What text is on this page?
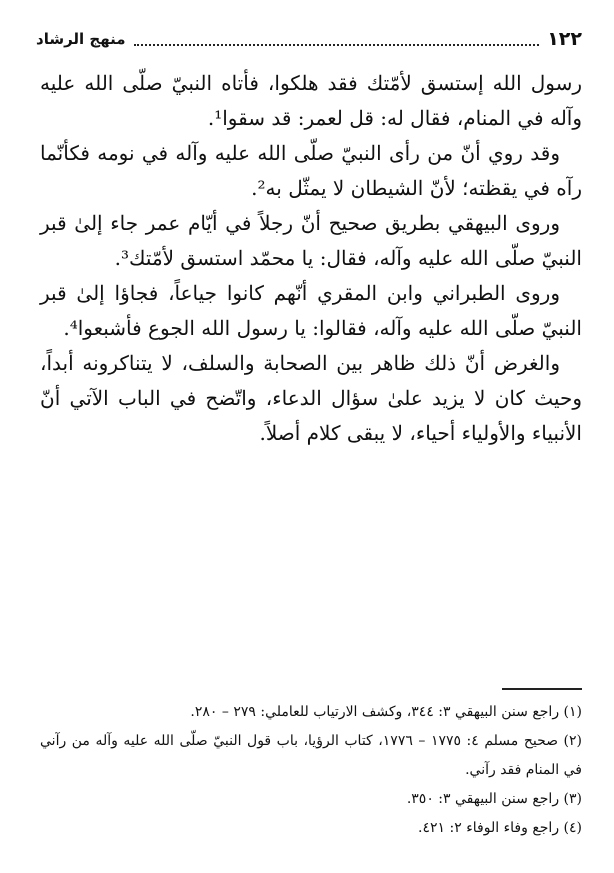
١٢٢
منهج الرشاد

رسول الله إستسق لأمّتك فقد هلكوا، فأتاه النبيّ صلّى الله عليه وآله في المنام، فقال له: قل لعمر: قد سقوا¹.

وقد روي أنّ من رأى النبيّ صلّى الله عليه وآله في نومه فكأنّما رآه في يقظته؛ لأنّ الشيطان لا يمثّل به².

وروى البيهقي بطريق صحيح أنّ رجلاً في أيّام عمر جاء إلىٰ قبر النبيّ صلّى الله عليه وآله، فقال: يا محمّد استسق لأمّتك³.

وروى الطبراني وابن المقري أنّهم كانوا جياعاً، فجاؤا إلىٰ قبر النبيّ صلّى الله عليه وآله، فقالوا: يا رسول الله الجوع فأشبعوا⁴.

والغرض أنّ ذلك ظاهر بين الصحابة والسلف، لا يتناكرونه أبداً، وحيث كان لا يزيد علىٰ سؤال الدعاء، واتّضح في الباب الآتي أنّ الأنبياء والأولياء أحياء، لا يبقى كلام أصلاً.

(١) راجع سنن البيهقي ٣: ٣٤٤، وكشف الارتياب للعاملي: ٢٧٩ – ٢٨٠.

(٢) صحيح مسلم ٤: ١٧٧٥ – ١٧٧٦، كتاب الرؤيا، باب قول النبيّ صلّى الله عليه وآله من رآني في المنام فقد رآني.

(٣) راجع سنن البيهقي ٣: ٣٥٠.

(٤) راجع وفاء الوفاء ٢: ٤٢١.
